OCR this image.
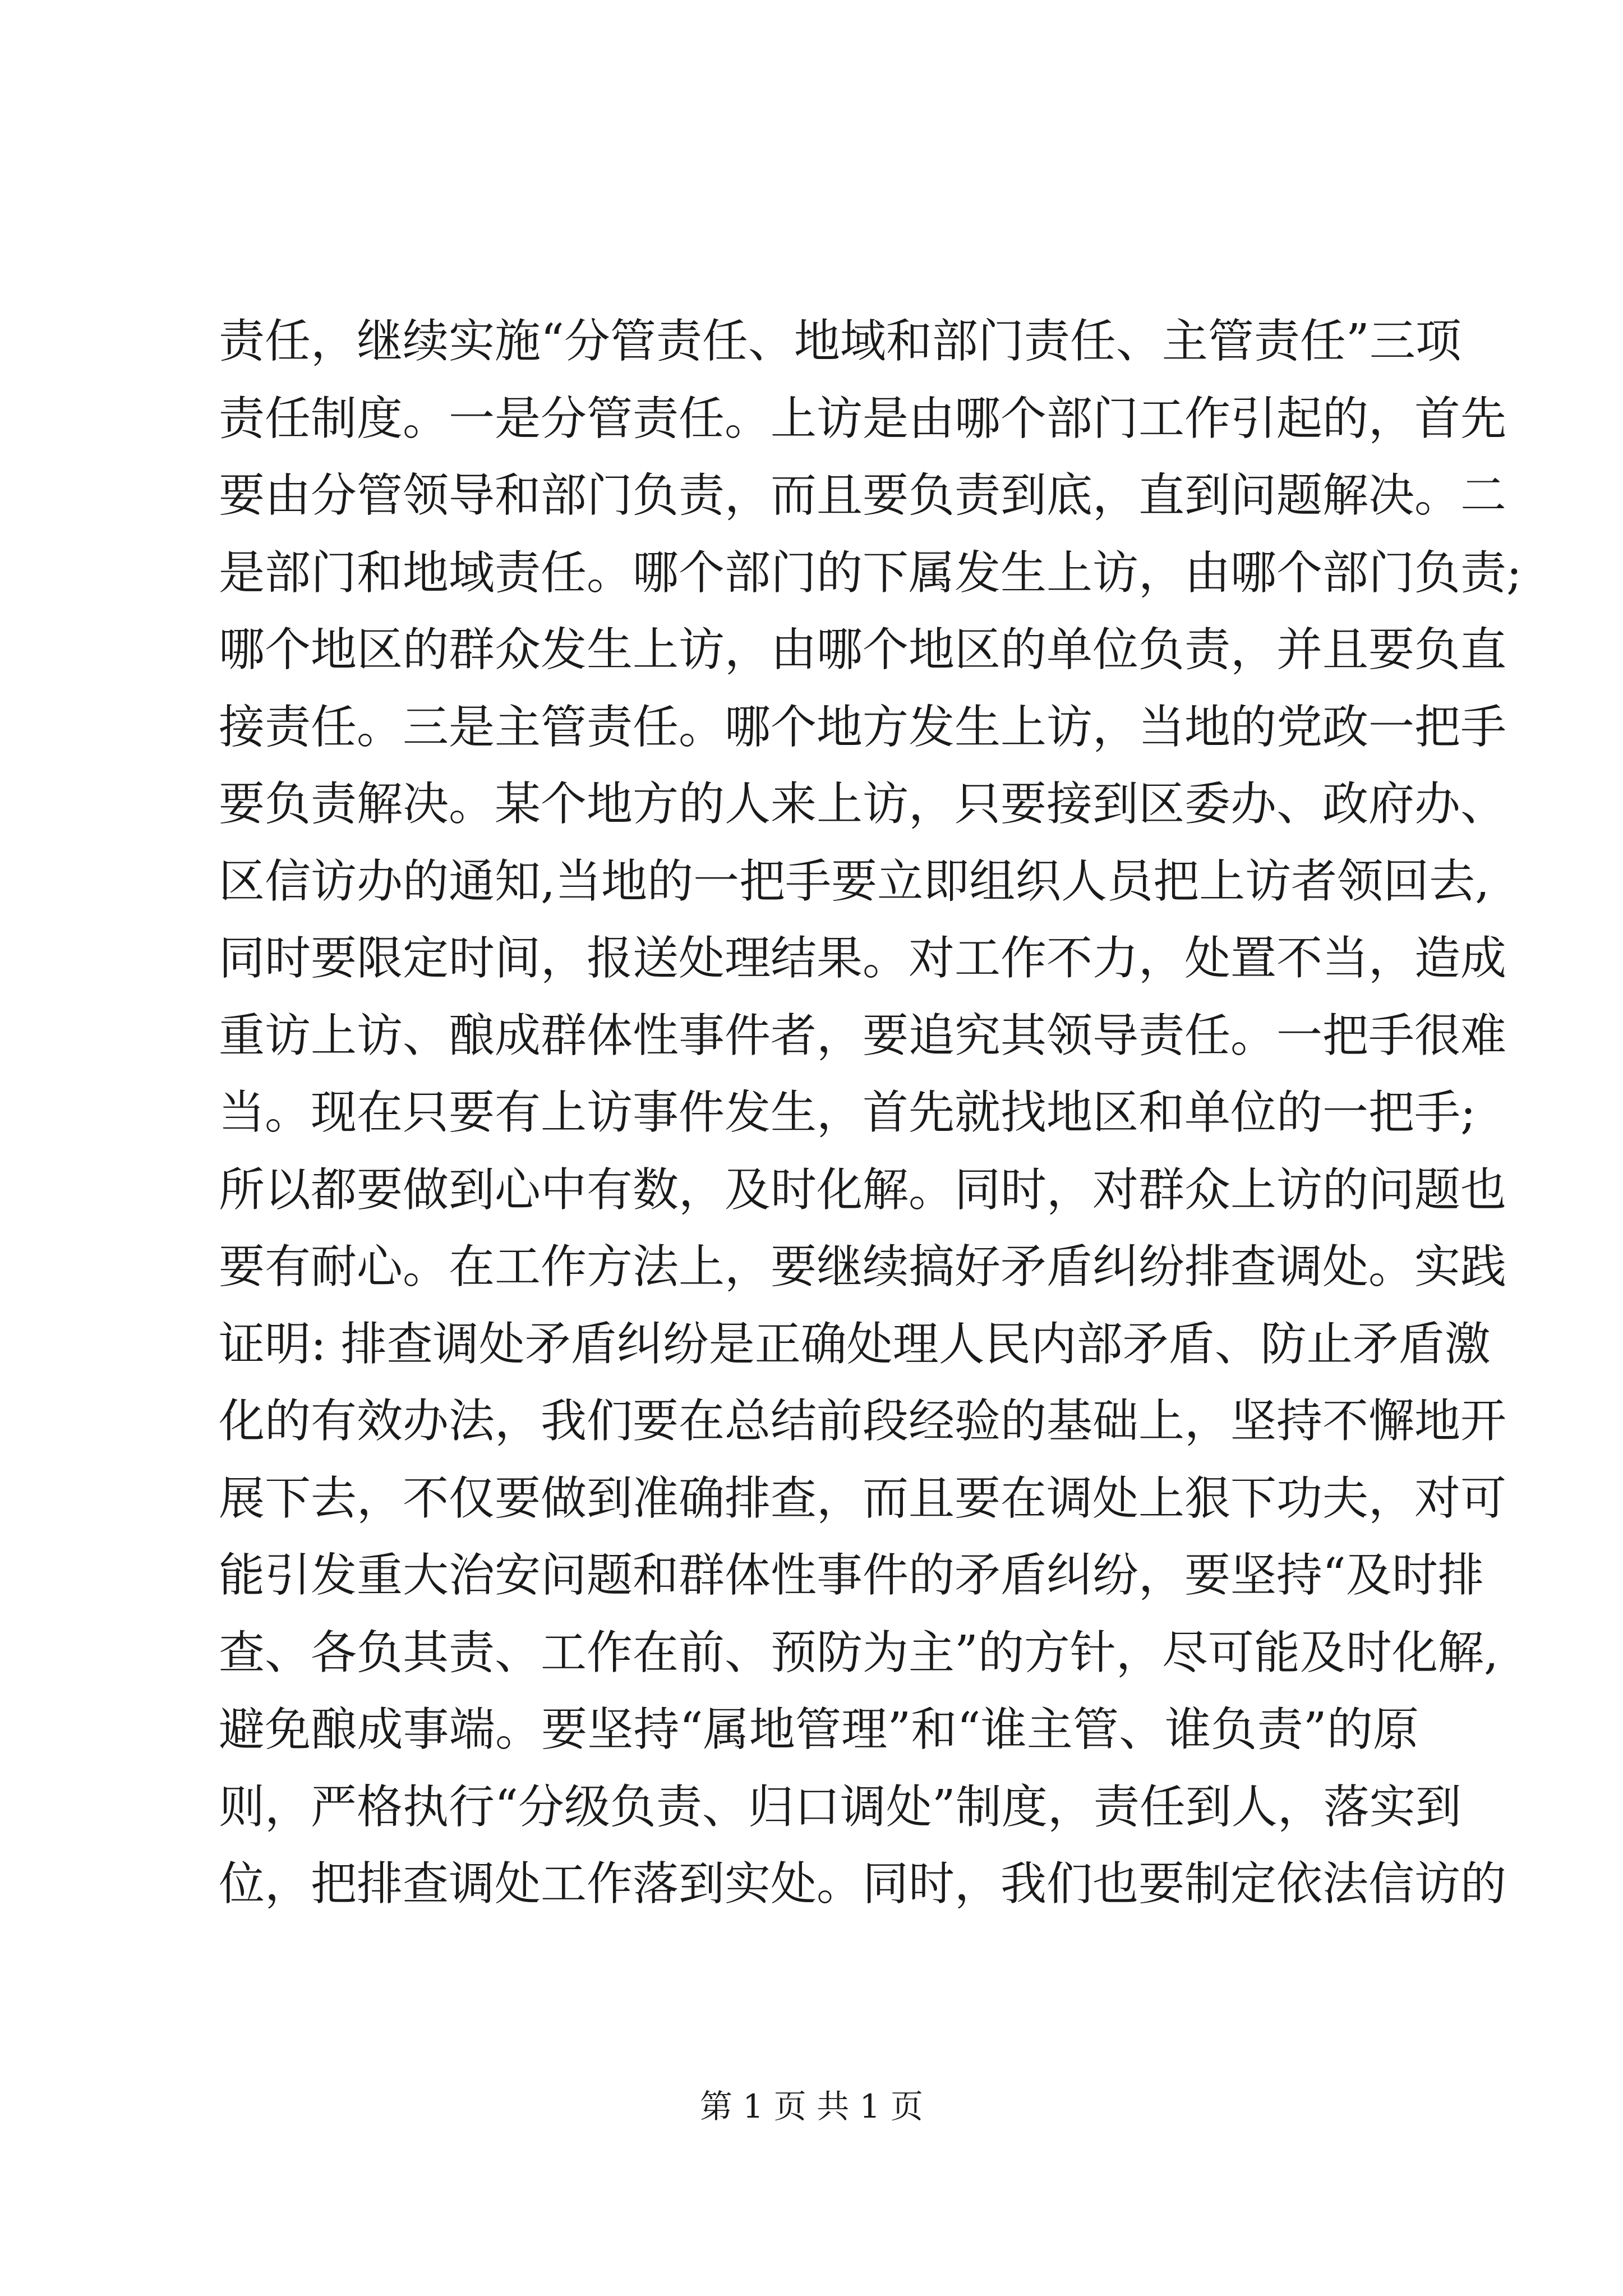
责任，继续实施“分管责任、地域和部门责任、主管责任”三项
责任制度。一是分管责任。上访是由哪个部门工作引起的，首先
要由分管领导和部门负责，而且要负责到底，直到问题解决。二
是部门和地域责任。哪个部门的下属发生上访，由哪个部门负责;
哪个地区的群众发生上访，由哪个地区的单位负责，并且要负直
接责任。三是主管责任。哪个地方发生上访，当地的党政一把手
要负责解决。某个地方的人来上访，只要接到区委办、政府办、
区信访办的通知,当地的一把手要立即组织人员把上访者领回去,
同时要限定时间，报送处理结果。对工作不力，处置不当，造成
重访上访、酿成群体性事件者，要追究其领导责任。一把手很难
当。现在只要有上访事件发生，首先就找地区和单位的一把手;
所以都要做到心中有数，及时化解。同时，对群众上访的问题也
要有耐心。在工作方法上，要继续搞好矛盾纠纷排查调处。实践
证明: 排查调处矛盾纠纷是正确处理人民内部矛盾、防止矛盾激
化的有效办法，我们要在总结前段经验的基础上，坚持不懈地开
展下去，不仅要做到准确排查，而且要在调处上狠下功夫，对可
能引发重大治安问题和群体性事件的矛盾纠纷，要坚持“及时排
查、各负其责、工作在前、预防为主”的方针，尽可能及时化解,
避免酿成事端。要坚持“属地管理”和“谁主管、谁负责”的原
则，严格执行“分级负责、归口调处”制度，责任到人，落实到
位，把排查调处工作落到实处。同时，我们也要制定依法信访的
第 1 页 共 1 页
